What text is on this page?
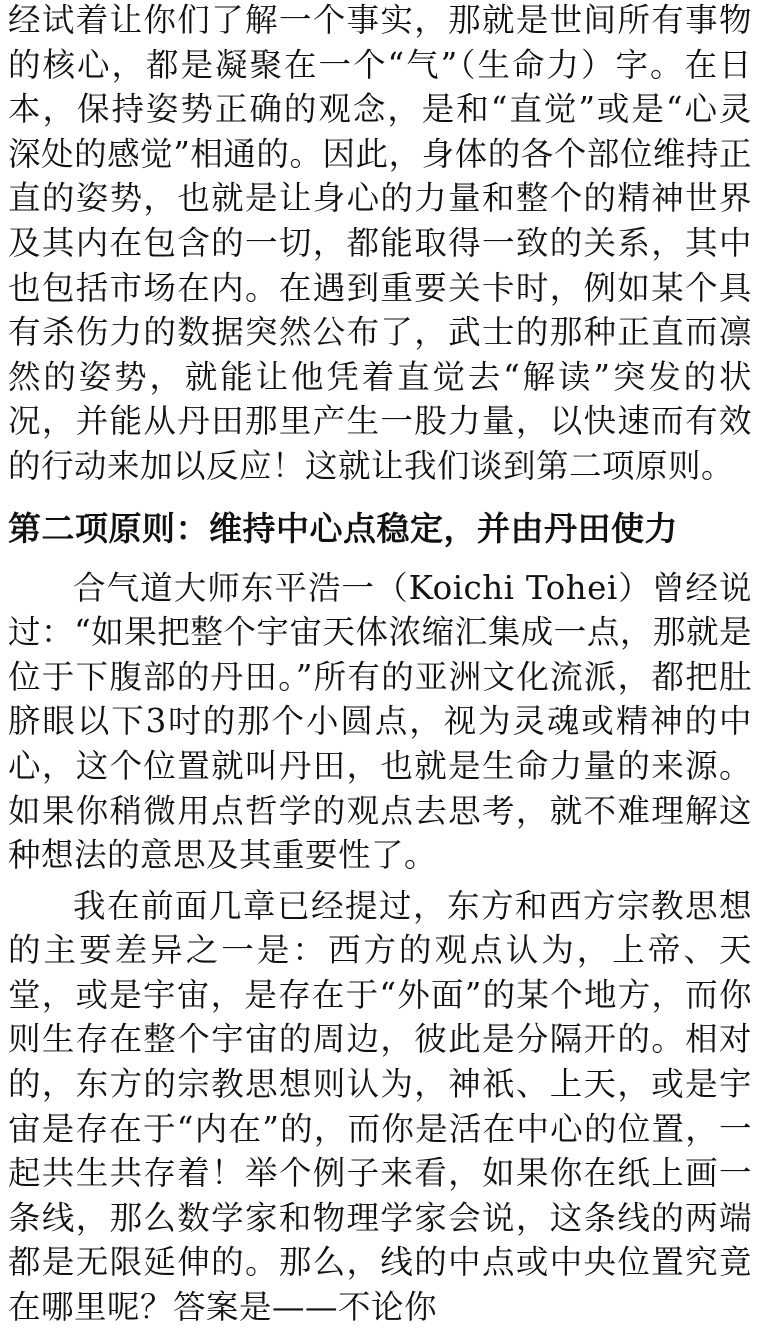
经试着让你们了解一个事实，那就是世间所有事物的核心，都是凝聚在一个“气”（生命力）字。在日本，保持姿势正确的观念，是和“直觉”或是“心灵深处的感觉”相通的。因此，身体的各个部位维持正直的姿势，也就是让身心的力量和整个的精神世界及其内在包含的一切，都能取得一致的关系，其中也包括市场在内。在遇到重要关卡时，例如某个具有杀伤力的数据突然公布了，武士的那种正直而凛然的姿势，就能让他凭着直觉去“解读”突发的状况，并能从丹田那里产生一股力量，以快速而有效的行动来加以反应！这就让我们谈到第二项原则。

第二项原则：维持中心点稳定，并由丹田使力

合气道大师东平浩一（Koichi Tohei）曾经说过：“如果把整个宇宙天体浓缩汇集成一点，那就是位于下腹部的丹田。”所有的亚洲文化流派，都把肚脐眼以下3吋的那个小圆点，视为灵魂或精神的中心，这个位置就叫丹田，也就是生命力量的来源。如果你稍微用点哲学的观点去思考，就不难理解这种想法的意思及其重要性了。

我在前面几章已经提过，东方和西方宗教思想的主要差异之一是：西方的观点认为，上帝、天堂，或是宇宙，是存在于“外面”的某个地方，而你则生存在整个宇宙的周边，彼此是分隔开的。相对的，东方的宗教思想则认为，神祇、上天，或是宇宙是存在于“内在”的，而你是活在中心的位置，一起共生共存着！举个例子来看，如果你在纸上画一条线，那么数学家和物理学家会说，这条线的两端都是无限延伸的。那么，线的中点或中央位置究竟在哪里呢？答案是——不论你
